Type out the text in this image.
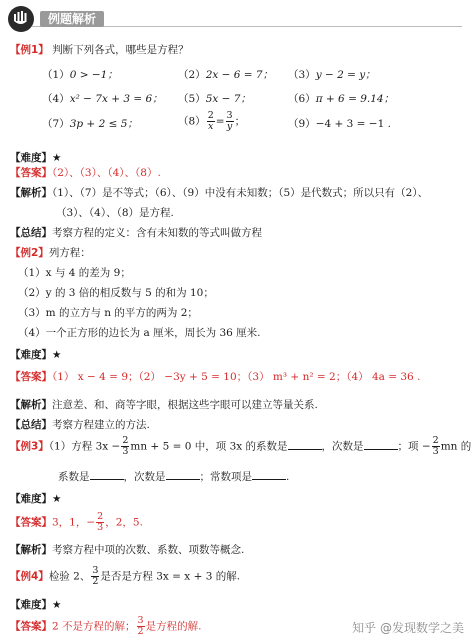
例题解析
【例1】 判断下列各式，哪些是方程？
（1）0 > −1；	（2）2x − 6 = 7； （3）y − 2 = y；
（4）x² − 7x + 3 = 6； （5）5x − 7；	（6）π + 6 = 9.14；
（7）3p + 2 ≤ 5；	$(8) \frac{2}{x} = \frac{3}{y}$ ；	（9）−4 + 3 = −1 .
【难度】★
【答案】（2）、（3）、（4）、（8）.
【解析】（1）、（7）是不等式；（6）、（9）中没有未知数；（5）是代数式；所以只有（2）、
（3）、（4）、（8）是方程.
【总结】考察方程的定义：含有未知数的等式叫做方程
【例2】列方程：
（1）x 与 4 的差为 9；
（2）y 的 3 倍的相反数与 5 的和为 10；
（3）m 的立方与 n 的平方的两为 2；
（4）一个正方形的边长为 a 厘米，周长为 36 厘米.
【难度】★
【答案】（1） x − 4 = 9；（2） −3y + 5 = 10；（3） m³ + n² = 2；（4） 4a = 36 .
【解析】注意差、和、商等字眼，根据这些字眼可以建立等量关系.
【总结】考察方程建立的方法.
【例3】（1）方程 $3x - \frac{2}{3}$ mn + 5 = 0 中，项 3x 的系数是	，次数是	；项 − $\frac{2}{3}$ mn 的
系数是	，次数是	；常数项是	.
【难度】★
【答案】3，1，− $\frac{2}{3}$ ，2，5.
【解析】考察方程中项的次数、系数、项数等概念.
【例4】检验 2、 $\frac{3}{2}$ 是否是方程 3x = x + 3 的解.
【难度】★
【答案】2 不是方程的解； $\frac{3}{2}$ 是方程的解.	知乎 @发现数学之美
